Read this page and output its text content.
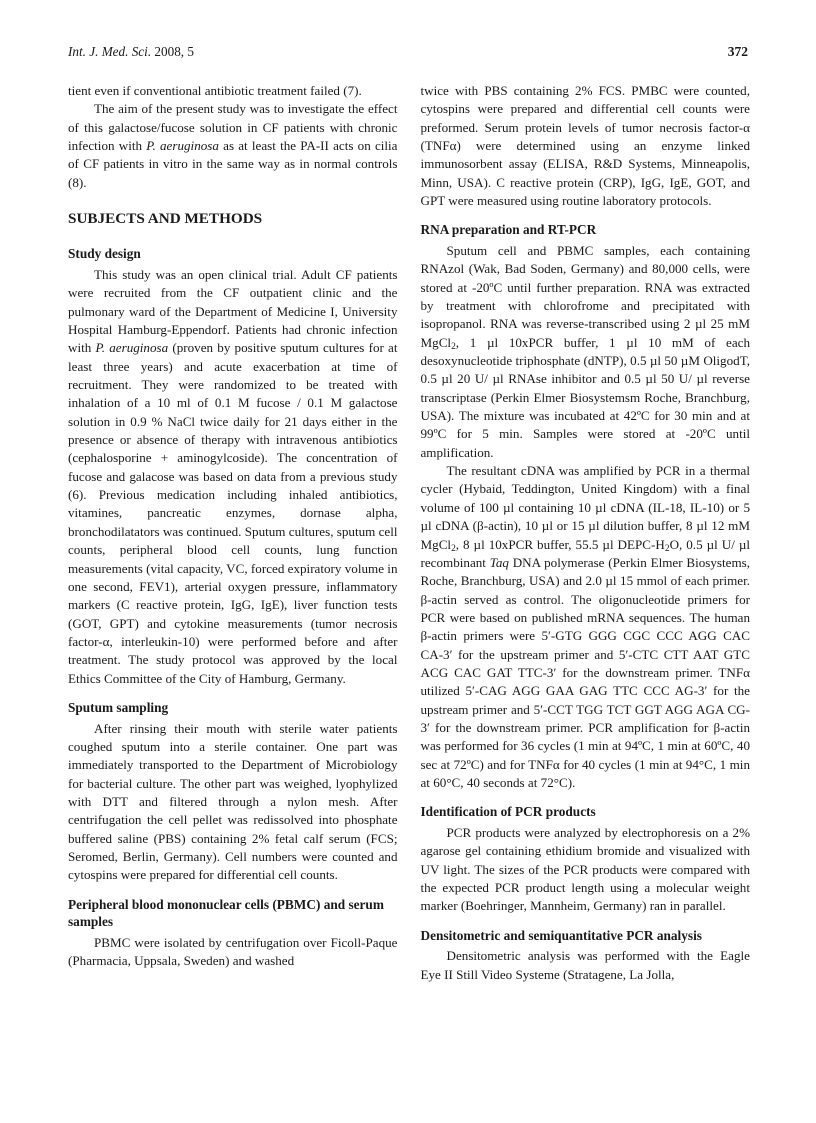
Int. J. Med. Sci. 2008, 5	372

tient even if conventional antibiotic treatment failed (7).

The aim of the present study was to investigate the effect of this galactose/fucose solution in CF patients with chronic infection with P. aeruginosa as at least the PA-II acts on cilia of CF patients in vitro in the same way as in normal controls (8).

SUBJECTS AND METHODS
Study design

This study was an open clinical trial. Adult CF patients were recruited from the CF outpatient clinic and the pulmonary ward of the Department of Medicine I, University Hospital Hamburg-Eppendorf. Patients had chronic infection with P. aeruginosa (proven by positive sputum cultures for at least three years) and acute exacerbation at time of recruitment. They were randomized to be treated with inhalation of a 10 ml of 0.1 M fucose / 0.1 M galactose solution in 0.9 % NaCl twice daily for 21 days either in the presence or absence of therapy with intravenous antibiotics (cephalosporine + aminogylcoside). The concentration of fucose and galacose was based on data from a previous study (6). Previous medication including inhaled antibiotics, vitamines, pancreatic enzymes, dornase alpha, bronchodilatators was continued. Sputum cultures, sputum cell counts, peripheral blood cell counts, lung function measurements (vital capacity, VC, forced expiratory volume in one second, FEV1), arterial oxygen pressure, inflammatory markers (C reactive protein, IgG, IgE), liver function tests (GOT, GPT) and cytokine measurements (tumor necrosis factor-α, interleukin-10) were performed before and after treatment. The study protocol was approved by the local Ethics Committee of the City of Hamburg, Germany.

Sputum sampling

After rinsing their mouth with sterile water patients coughed sputum into a sterile container. One part was immediately transported to the Department of Microbiology for bacterial culture. The other part was weighed, lyophylized with DTT and filtered through a nylon mesh. After centrifugation the cell pellet was redissolved into phosphate buffered saline (PBS) containing 2% fetal calf serum (FCS; Seromed, Berlin, Germany). Cell numbers were counted and cytospins were prepared for differential cell counts.

Peripheral blood mononuclear cells (PBMC) and serum samples

PBMC were isolated by centrifugation over Ficoll-Paque (Pharmacia, Uppsala, Sweden) and washed

twice with PBS containing 2% FCS. PMBC were counted, cytospins were prepared and differential cell counts were preformed. Serum protein levels of tumor necrosis factor-α (TNFα) were determined using an enzyme linked immunosorbent assay (ELISA, R&D Systems, Minneapolis, Minn, USA). C reactive protein (CRP), IgG, IgE, GOT, and GPT were measured using routine laboratory protocols.

RNA preparation and RT-PCR

Sputum cell and PBMC samples, each containing RNAzol (Wak, Bad Soden, Germany) and 80,000 cells, were stored at -20ºC until further preparation. RNA was extracted by treatment with chlorofrome and precipitated with isopropanol. RNA was reverse-transcribed using 2 µl 25 mM MgCl$_2$, 1 µl 10xPCR buffer, 1 µl 10 mM of each desoxynucleotide triphosphate (dNTP), 0.5 µl 50 µM OligodT, 0.5 µl 20 U/ µl RNAse inhibitor and 0.5 µl 50 U/ µl reverse transcriptase (Perkin Elmer Biosystemsm Roche, Branchburg, USA). The mixture was incubated at 42ºC for 30 min and at 99ºC for 5 min. Samples were stored at -20ºC until amplification.

The resultant cDNA was amplified by PCR in a thermal cycler (Hybaid, Teddington, United Kingdom) with a final volume of 100 µl containing 10 µl cDNA (IL-18, IL-10) or 5 µl cDNA (β-actin), 10 µl or 15 µl dilution buffer, 8 µl 12 mM MgCl$_2$, 8 µl 10xPCR buffer, 55.5 µl DEPC-$H_2O$, 0.5 µl U/ µl recombinant Taq DNA polymerase (Perkin Elmer Biosystems, Roche, Branchburg, USA) and 2.0 µl 15 mmol of each primer. β-actin served as control. The oligonucleotide primers for PCR were based on published mRNA sequences. The human β-actin primers were 5′-GTG GGG CGC CCC AGG CAC CA-3′ for the upstream primer and 5′-CTC CTT AAT GTC ACG CAC GAT TTC-3′ for the downstream primer. TNFα utilized 5′-CAG AGG GAA GAG TTC CCC AG-3′ for the upstream primer and 5′-CCT TGG TCT GGT AGG AGA CG-3′ for the downstream primer. PCR amplification for β-actin was performed for 36 cycles (1 min at 94ºC, 1 min at 60ºC, 40 sec at 72ºC) and for TNFα for 40 cycles (1 min at 94°C, 1 min at 60°C, 40 seconds at 72°C).

Identification of PCR products

PCR products were analyzed by electrophoresis on a 2% agarose gel containing ethidium bromide and visualized with UV light. The sizes of the PCR products were compared with the expected PCR product length using a molecular weight marker (Boehringer, Mannheim, Germany) ran in parallel.

Densitometric and semiquantitative PCR analysis

Densitometric analysis was performed with the Eagle Eye II Still Video Systeme (Stratagene, La Jolla,
